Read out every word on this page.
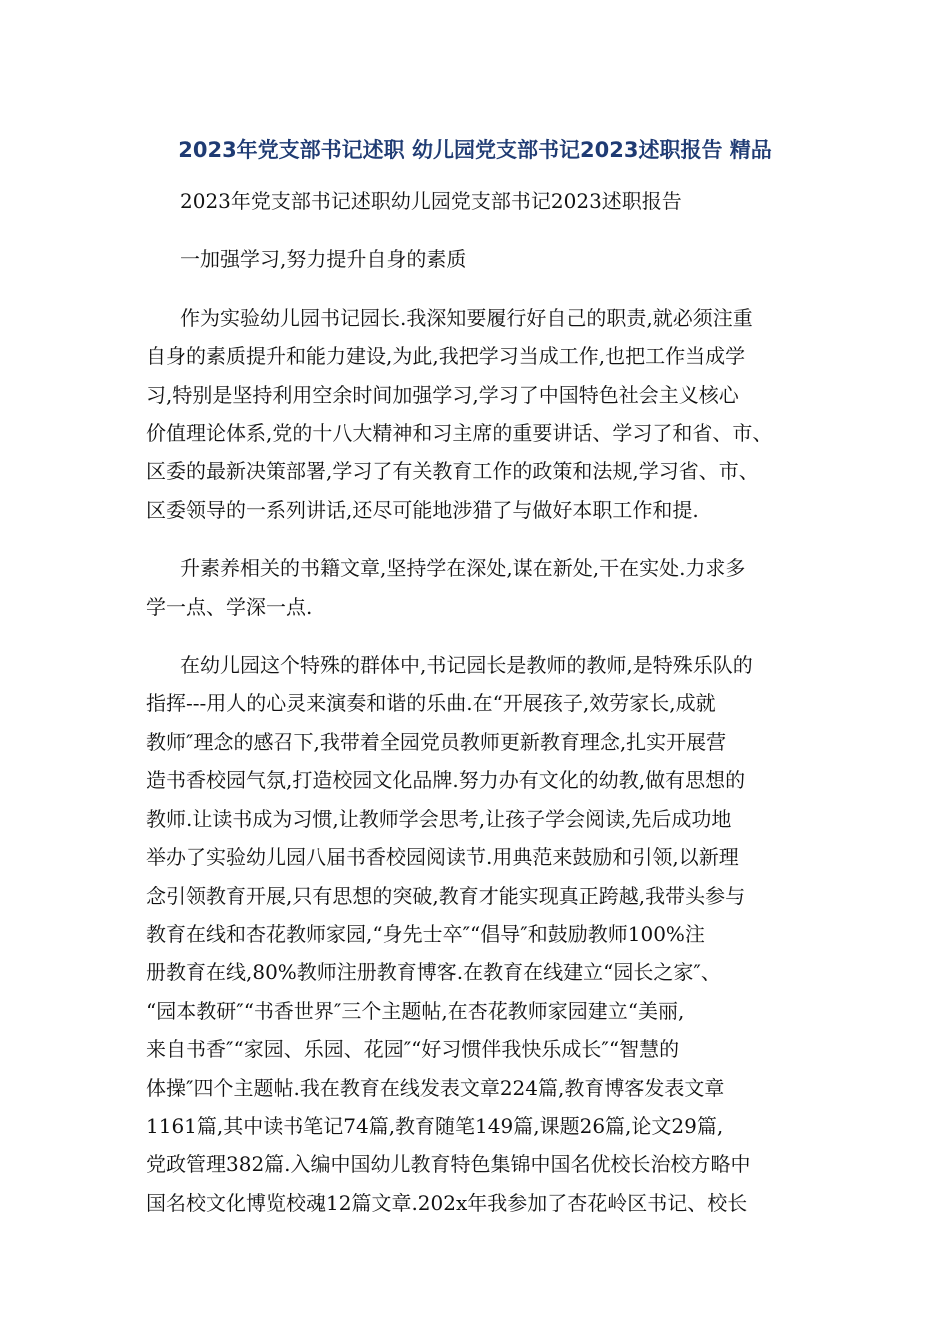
2023年党支部书记述职 幼儿园党支部书记2023述职报告 精品
2023年党支部书记述职幼儿园党支部书记2023述职报告
一加强学习,努力提升自身的素质
作为实验幼儿园书记园长.我深知要履行好自己的职责,就必须注重
自身的素质提升和能力建设,为此,我把学习当成工作,也把工作当成学
习,特别是坚持利用空余时间加强学习,学习了中国特色社会主义核心
价值理论体系,党的十八大精神和习主席的重要讲话、学习了和省、市、
区委的最新决策部署,学习了有关教育工作的政策和法规,学习省、市、
区委领导的一系列讲话,还尽可能地涉猎了与做好本职工作和提.
升素养相关的书籍文章,坚持学在深处,谋在新处,干在实处.力求多
学一点、学深一点.
在幼儿园这个特殊的群体中,书记园长是教师的教师,是特殊乐队的
指挥---用人的心灵来演奏和谐的乐曲.在“开展孩子,效劳家长,成就
教师″理念的感召下,我带着全园党员教师更新教育理念,扎实开展营
造书香校园气氛,打造校园文化品牌.努力办有文化的幼教,做有思想的
教师.让读书成为习惯,让教师学会思考,让孩子学会阅读,先后成功地
举办了实验幼儿园八届书香校园阅读节.用典范来鼓励和引领,以新理
念引领教育开展,只有思想的突破,教育才能实现真正跨越,我带头参与
教育在线和杏花教师家园,“身先士卒″“倡导″和鼓励教师100%注
册教育在线,80%教师注册教育博客.在教育在线建立“园长之家″、
“园本教研″“书香世界″三个主题帖,在杏花教师家园建立“美丽,
来自书香″“家园、乐园、花园″“好习惯伴我快乐成长″“智慧的
体操″四个主题帖.我在教育在线发表文章224篇,教育博客发表文章
1161篇,其中读书笔记74篇,教育随笔149篇,课题26篇,论文29篇,
党政管理382篇.入编中国幼儿教育特色集锦中国名优校长治校方略中
国名校文化博览校魂12篇文章.202x年我参加了杏花岭区书记、校长
